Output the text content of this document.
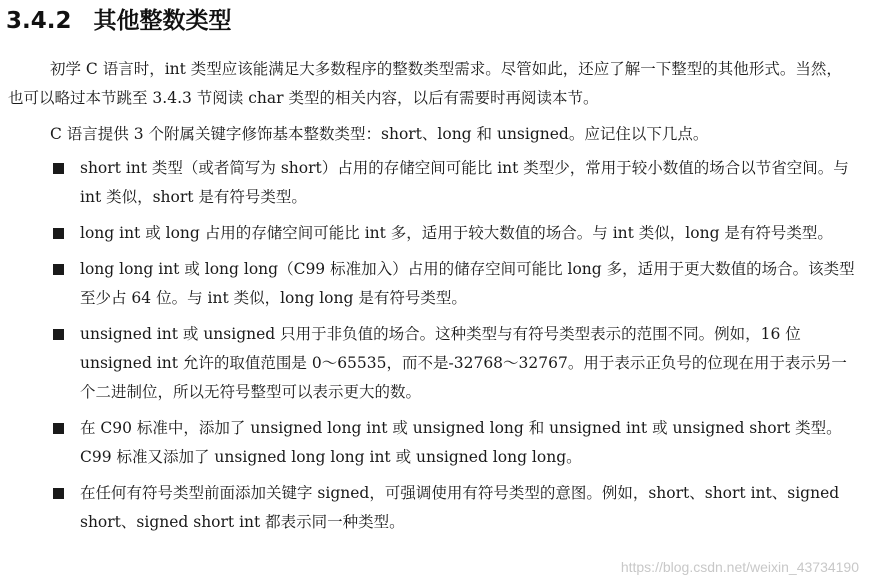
3.4.2 其他整数类型
初学 C 语言时，int 类型应该能满足大多数程序的整数类型需求。尽管如此，还应了解一下整型的其他形式。当然，也可以略过本节跳至 3.4.3 节阅读 char 类型的相关内容，以后有需要时再阅读本节。
C 语言提供 3 个附属关键字修饰基本整数类型：short、long 和 unsigned。应记住以下几点。
short int 类型（或者简写为 short）占用的存储空间可能比 int 类型少，常用于较小数值的场合以节省空间。与 int 类似，short 是有符号类型。
long int 或 long 占用的存储空间可能比 int 多，适用于较大数值的场合。与 int 类似，long 是有符号类型。
long long int 或 long long（C99 标准加入）占用的储存空间可能比 long 多，适用于更大数值的场合。该类型至少占 64 位。与 int 类似，long long 是有符号类型。
unsigned int 或 unsigned 只用于非负值的场合。这种类型与有符号类型表示的范围不同。例如，16 位 unsigned int 允许的取值范围是 0～65535，而不是-32768～32767。用于表示正负号的位现在用于表示另一个二进制位，所以无符号整型可以表示更大的数。
在 C90 标准中，添加了 unsigned long int 或 unsigned long 和 unsigned int 或 unsigned short 类型。C99 标准又添加了 unsigned long long int 或 unsigned long long。
在任何有符号类型前面添加关键字 signed，可强调使用有符号类型的意图。例如，short、short int、signed short、signed short int 都表示同一种类型。
https://blog.csdn.net/weixin_43734190
